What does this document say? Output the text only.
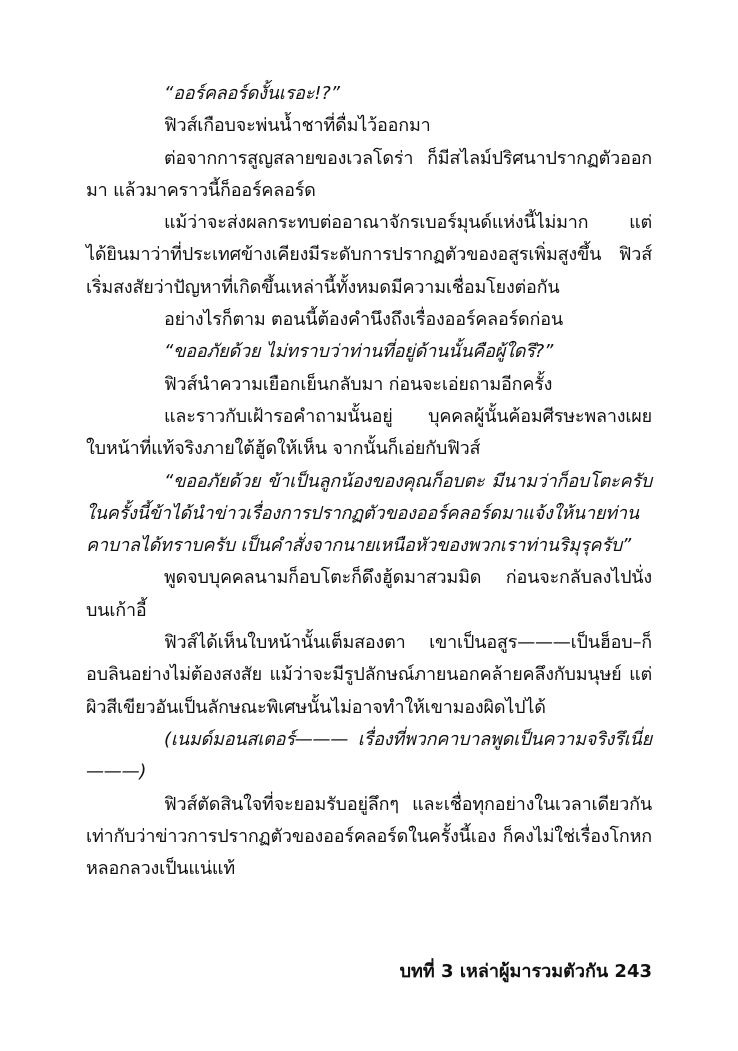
“ออร์คลอร์ดงั้นเรอะ!?”

ฟิวส์เกือบจะพ่นน้ำชาที่ดื่มไว้ออกมา

ต่อจากการสูญสลายของเวลโดร่า ก็มีสไลม์ปริศนาปรากฏตัวออกมา แล้วมาคราวนี้ก็ออร์คลอร์ด

แม้ว่าจะส่งผลกระทบต่ออาณาจักรเบอร์มุนด์แห่งนี้ไม่มาก แต่ได้ยินมาว่าที่ประเทศข้างเคียงมีระดับการปรากฏตัวของอสูรเพิ่มสูงขึ้น ฟิวส์เริ่มสงสัยว่าปัญหาที่เกิดขึ้นเหล่านี้ทั้งหมดมีความเชื่อมโยงต่อกัน

อย่างไรก็ตาม ตอนนี้ต้องคำนึงถึงเรื่องออร์คลอร์ดก่อน

“ขออภัยด้วย ไม่ทราบว่าท่านที่อยู่ด้านนั้นคือผู้ใดรึ?”

ฟิวส์นำความเยือกเย็นกลับมา ก่อนจะเอ่ยถามอีกครั้ง

และราวกับเฝ้ารอคำถามนั้นอยู่ บุคคลผู้นั้นค้อมศีรษะพลางเผยใบหน้าที่แท้จริงภายใต้ฮู้ดให้เห็น จากนั้นก็เอ่ยกับฟิวส์

“ขออภัยด้วย ข้าเป็นลูกน้องของคุณก็อบตะ มีนามว่าก็อบโตะครับ ในครั้งนี้ข้าได้นำข่าวเรื่องการปรากฏตัวของออร์คลอร์ดมาแจ้งให้นายท่านคาบาลได้ทราบครับ เป็นคำสั่งจากนายเหนือหัวของพวกเราท่านริมุรุครับ”

พูดจบบุคคลนามก็อบโตะก็ดึงฮู้ดมาสวมมิด ก่อนจะกลับลงไปนั่งบนเก้าอี้

ฟิวส์ได้เห็นใบหน้านั้นเต็มสองตา เขาเป็นอสูร———เป็นฮ็อบ–ก็อบลินอย่างไม่ต้องสงสัย แม้ว่าจะมีรูปลักษณ์ภายนอกคล้ายคลึงกับมนุษย์ แต่ผิวสีเขียวอันเป็นลักษณะพิเศษนั้นไม่อาจทำให้เขามองผิดไปได้

(เนมด์มอนสเตอร์——— เรื่องที่พวกคาบาลพูดเป็นความจริงรึเนี่ย———)

ฟิวส์ตัดสินใจที่จะยอมรับอยู่ลึกๆ และเชื่อทุกอย่างในเวลาเดียวกันเท่ากับว่าข่าวการปรากฏตัวของออร์คลอร์ดในครั้งนี้เอง ก็คงไม่ใช่เรื่องโกหกหลอกลวงเป็นแน่แท้

บทที่ 3 เหล่าผู้มารวมตัวกัน 243
